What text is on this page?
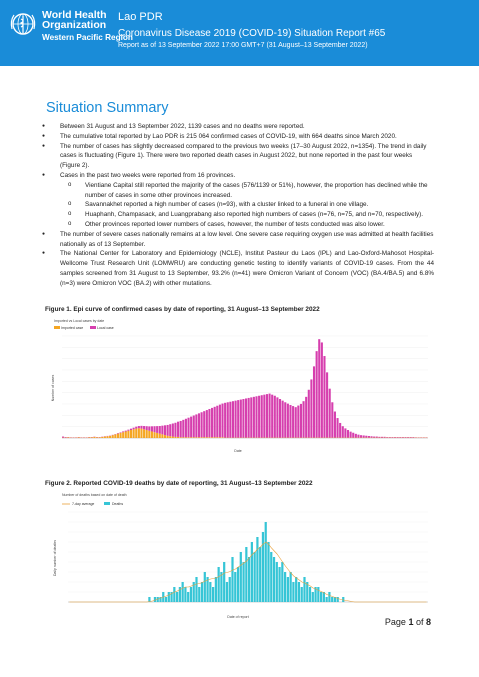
World Health
Organization
Western Pacific Region
Lao PDR
Coronavirus Disease 2019 (COVID-19) Situation Report #65
Report as of 13 September 2022 17:00 GMT+7 (31 August–13 September 2022)
Situation Summary
● Between 31 August and 13 September 2022, 1139 cases and no deaths were reported.
● The cumulative total reported by Lao PDR is 215 064 confirmed cases of COVID-19, with 664 deaths since March 2020.
● The number of cases has slightly decreased compared to the previous two weeks (17–30 August 2022, n=1354). The trend in daily cases is fluctuating (Figure 1). There were two reported death cases in August 2022, but none reported in the past four weeks (Figure 2).
● Cases in the past two weeks were reported from 16 provinces.
o Vientiane Capital still reported the majority of the cases (576/1139 or 51%), however, the proportion has declined while the number of cases in some other provinces increased.
o Savannakhet reported a high number of cases (n=93), with a cluster linked to a funeral in one village.
o Huaphanh, Champasack, and Luangprabang also reported high numbers of cases (n=76, n=75, and n=70, respectively).
o Other provinces reported lower numbers of cases, however, the number of tests conducted was also lower.
● The number of severe cases nationally remains at a low level. One severe case requiring oxygen use was admitted at health facilities nationally as of 13 September.
● The National Center for Laboratory and Epidemiology (NCLE), Institut Pasteur du Laos (IPL) and Lao-Oxford-Mahosot Hospital-Wellcome Trust Research Unit (LOMWRU) are conducting genetic testing to identify variants of COVID-19 cases. From the 44 samples screened from 31 August to 13 September, 93.2% (n=41) were Omicron Variant of Concern (VOC) (BA.4/BA.5) and 6.8% (n=3) were Omicron VOC (BA.2) with other mutations.
Figure 1. Epi curve of confirmed cases by date of reporting, 31 August–13 September 2022
Imported vs Local cases by date
Imported case	Local case
Date
Number of cases
Figure 2. Reported COVID-19 deaths by date of reporting, 31 August–13 September 2022
Number of deaths based on date of death
7-day average	Deaths
Date of report
Daily number of deaths
Page 1 of 8
